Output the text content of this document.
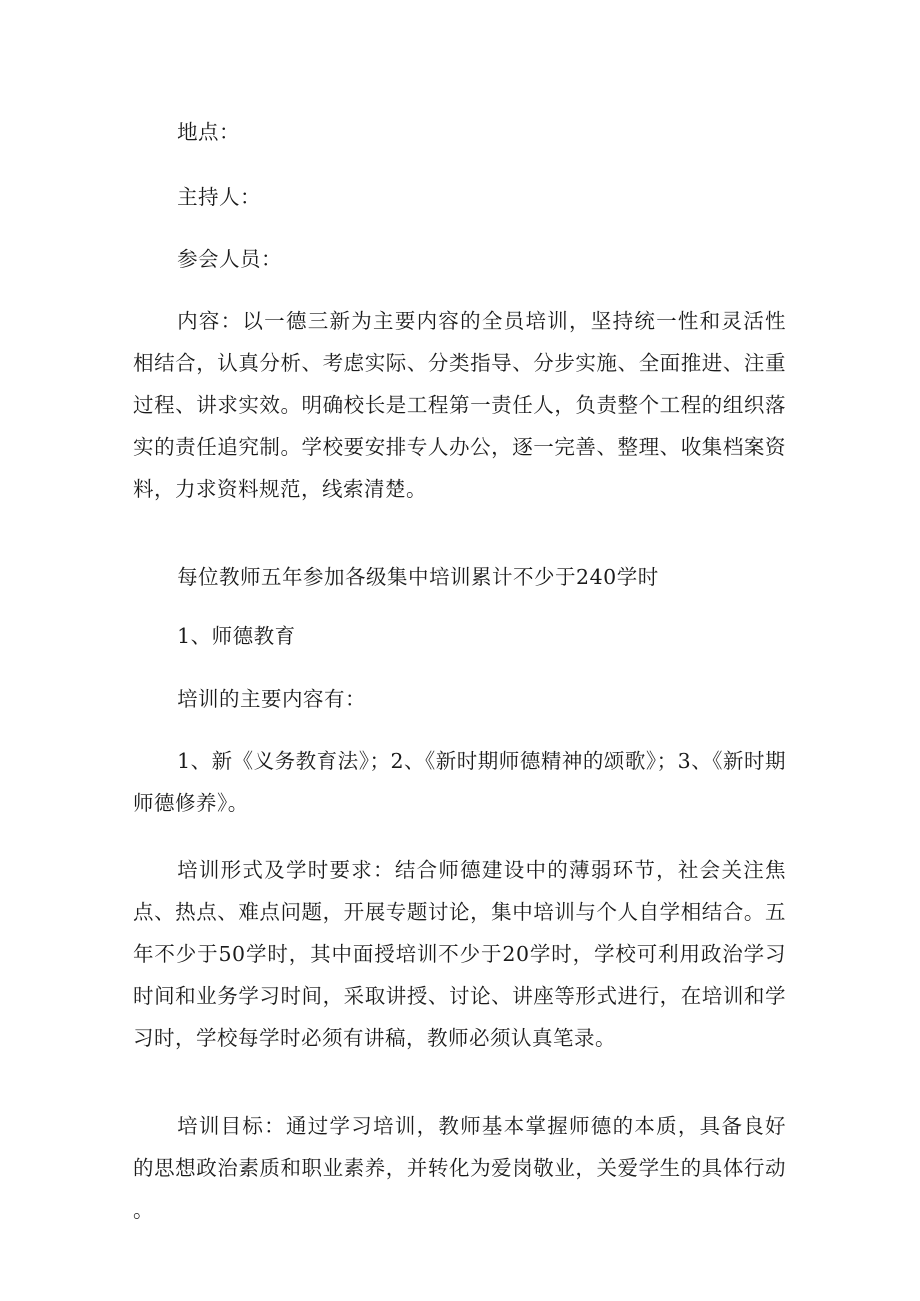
地点：

主持人：

参会人员：

内容：以一德三新为主要内容的全员培训，坚持统一性和灵活性相结合，认真分析、考虑实际、分类指导、分步实施、全面推进、注重过程、讲求实效。明确校长是工程第一责任人，负责整个工程的组织落实的责任追究制。学校要安排专人办公，逐一完善、整理、收集档案资料，力求资料规范，线索清楚。

每位教师五年参加各级集中培训累计不少于240学时

1、师德教育

培训的主要内容有：

1、新《义务教育法》；2、《新时期师德精神的颂歌》；3、《新时期师德修养》。

培训形式及学时要求：结合师德建设中的薄弱环节，社会关注焦点、热点、难点问题，开展专题讨论，集中培训与个人自学相结合。五年不少于50学时，其中面授培训不少于20学时，学校可利用政治学习时间和业务学习时间，采取讲授、讨论、讲座等形式进行，在培训和学习时，学校每学时必须有讲稿，教师必须认真笔录。

培训目标：通过学习培训，教师基本掌握师德的本质，具备良好的思想政治素质和职业素养，并转化为爱岗敬业，关爱学生的具体行动。
